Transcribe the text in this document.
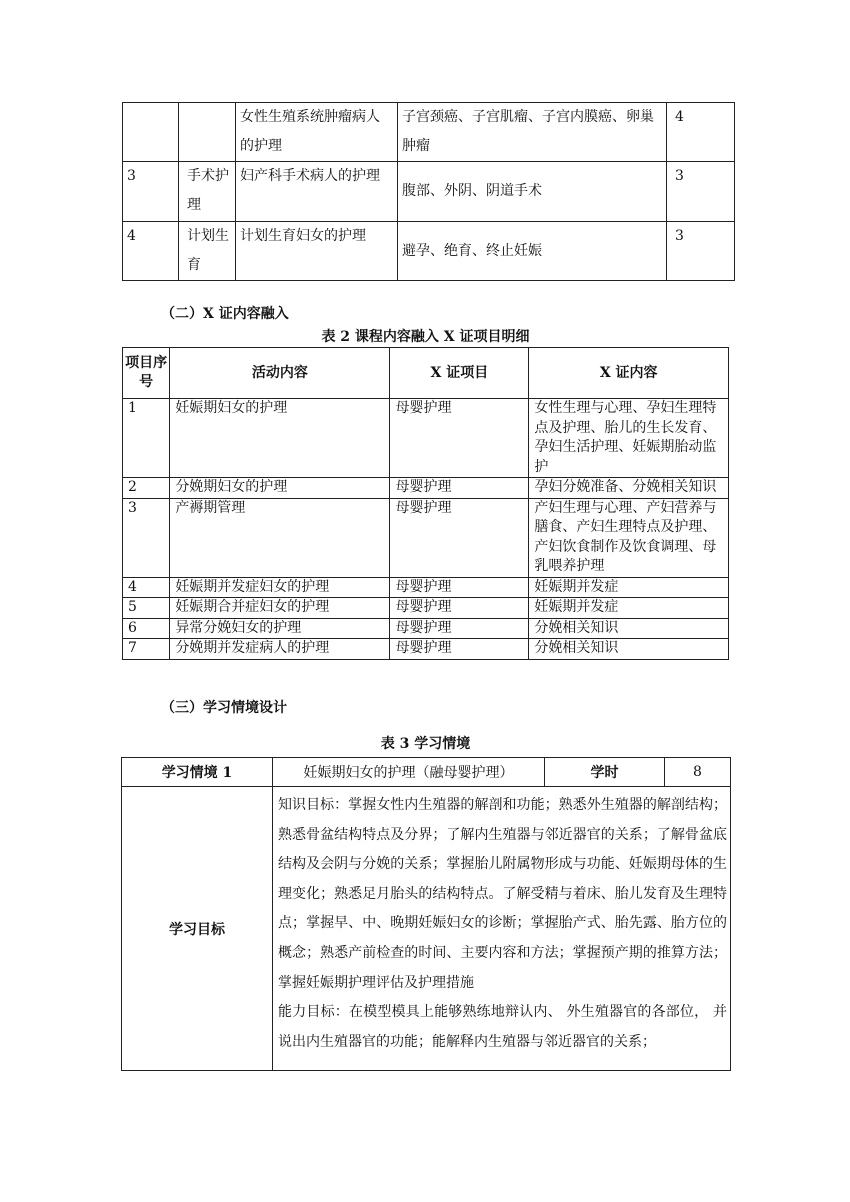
		女性生殖系统肿瘤病人的护理	子宫颈癌、子宫肌瘤、子宫内膜癌、卵巢肿瘤	4
3	手术护理	妇产科手术病人的护理	腹部、外阴、阴道手术	3
4	计划生育	计划生育妇女的护理	避孕、绝育、终止妊娠	3
（二）X 证内容融入
表 2 课程内容融入 X 证项目明细
项目序号	活动内容	X 证项目	X 证内容
1	妊娠期妇女的护理	母婴护理	女性生理与心理、孕妇生理特点及护理、胎儿的生长发育、孕妇生活护理、妊娠期胎动监护
2	分娩期妇女的护理	母婴护理	孕妇分娩准备、分娩相关知识
3	产褥期管理	母婴护理	产妇生理与心理、产妇营养与膳食、产妇生理特点及护理、产妇饮食制作及饮食调理、母乳喂养护理
4	妊娠期并发症妇女的护理	母婴护理	妊娠期并发症
5	妊娠期合并症妇女的护理	母婴护理	妊娠期并发症
6	异常分娩妇女的护理	母婴护理	分娩相关知识
7	分娩期并发症病人的护理	母婴护理	分娩相关知识
（三）学习情境设计
表 3 学习情境
学习情境 1	妊娠期妇女的护理（融母婴护理）	学时	8
学习目标	知识目标：掌握女性内生殖器的解剖和功能；熟悉外生殖器的解剖结构；熟悉骨盆结构特点及分界；了解内生殖器与邻近器官的关系；了解骨盆底结构及会阴与分娩的关系；掌握胎儿附属物形成与功能、妊娠期母体的生理变化；熟悉足月胎头的结构特点。了解受精与着床、胎儿发育及生理特点；掌握早、中、晚期妊娠妇女的诊断；掌握胎产式、胎先露、胎方位的概念；熟悉产前检查的时间、主要内容和方法；掌握预产期的推算方法；掌握妊娠期护理评估及护理措施
能力目标：在模型模具上能够熟练地辩认内、 外生殖器官的各部位， 并说出内生殖器官的功能；能解释内生殖器与邻近器官的关系；		
